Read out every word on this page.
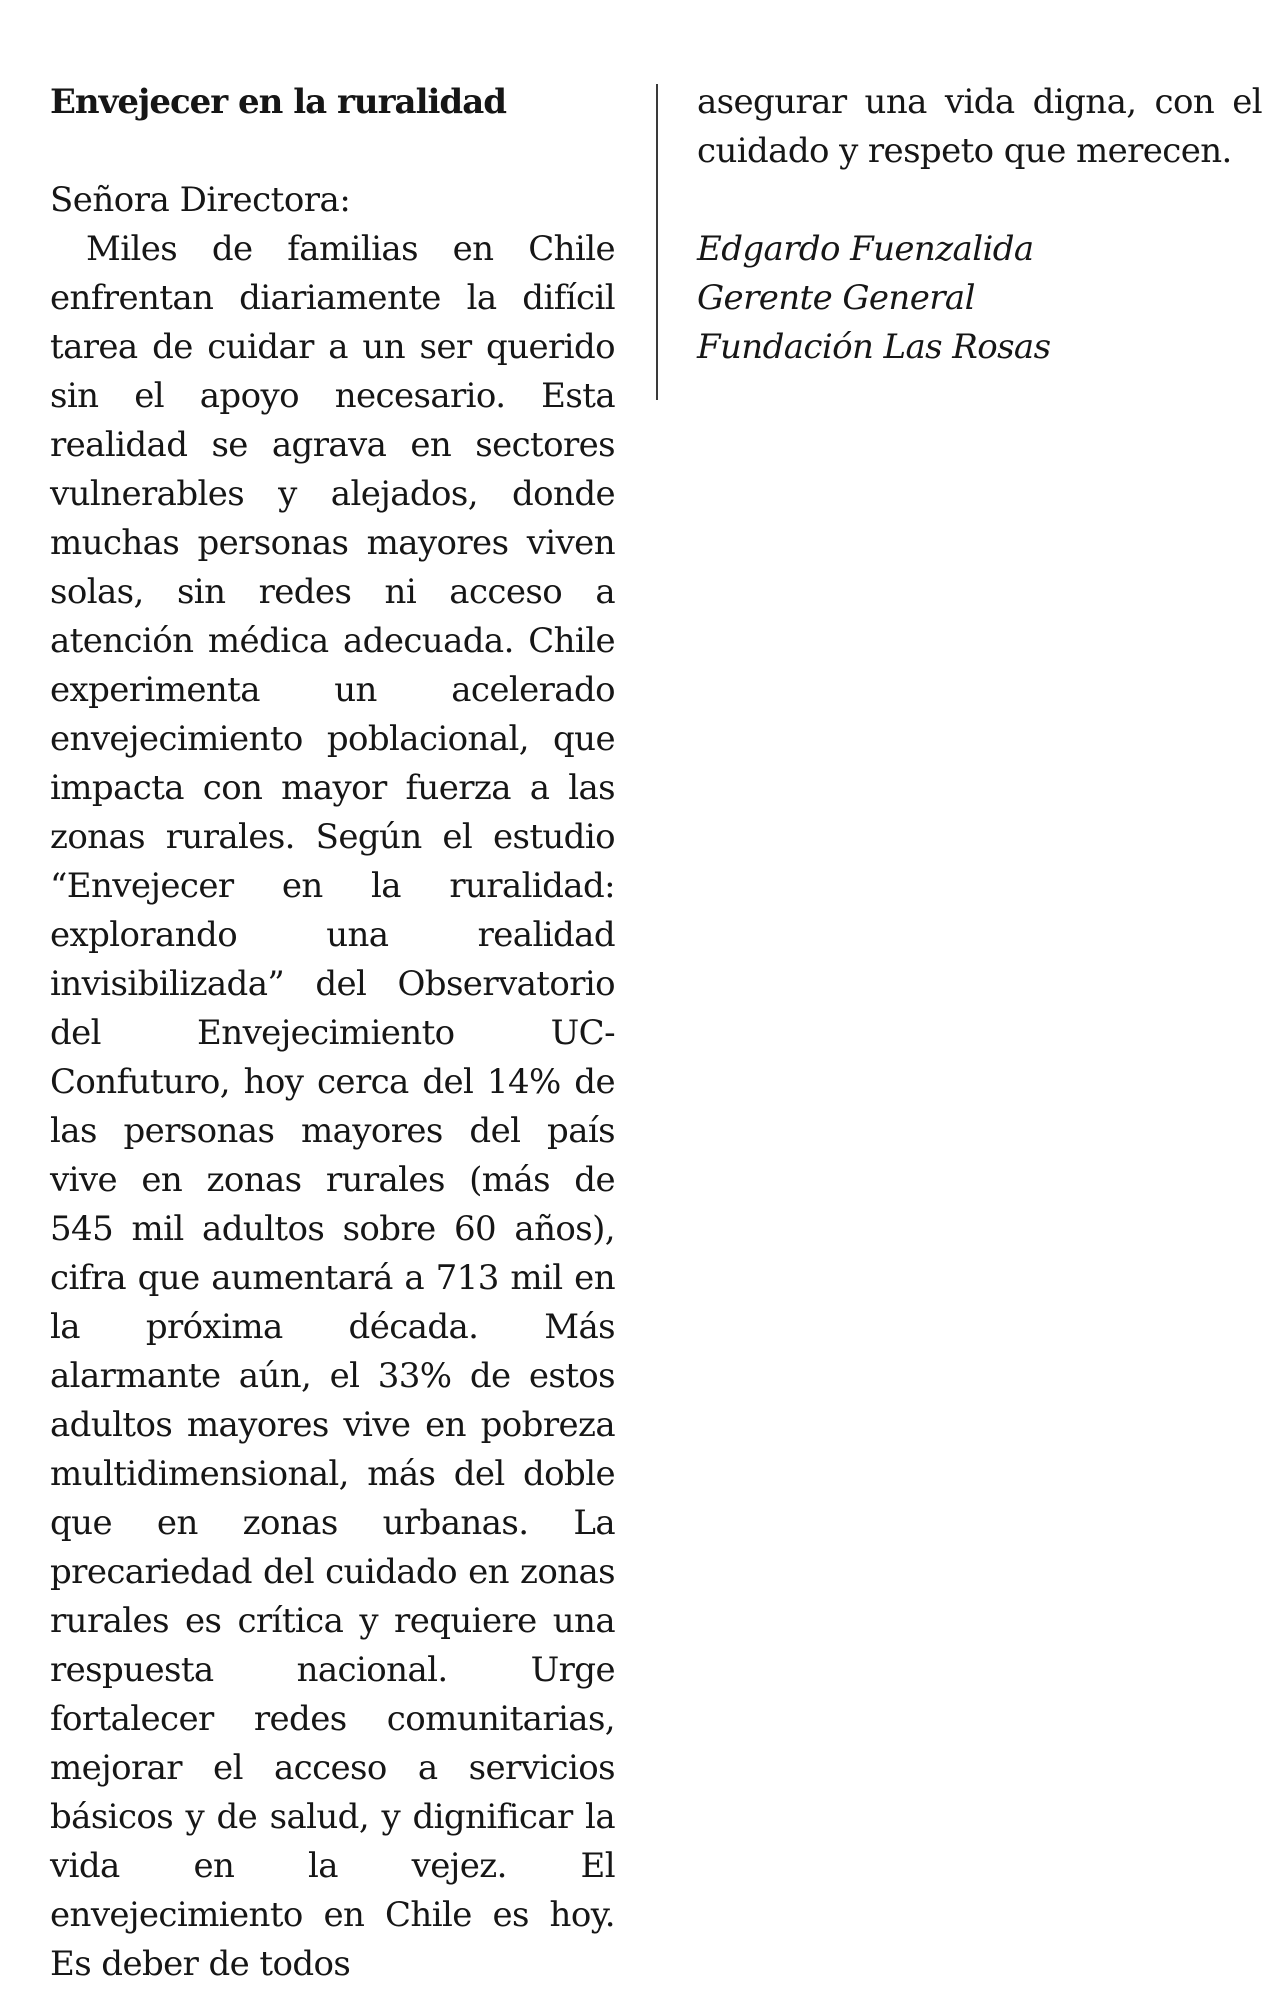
Envejecer en la ruralidad

Señora Directora:

Miles de familias en Chile enfrentan diariamente la difícil tarea de cuidar a un ser querido sin el apoyo necesario. Esta realidad se agrava en sectores vulnerables y alejados, donde muchas personas mayores viven solas, sin redes ni acceso a atención médica adecuada. Chile experimenta un acelerado envejecimiento poblacional, que impacta con mayor fuerza a las zonas rurales. Según el estudio “Envejecer en la ruralidad: explorando una realidad invisibilizada” del Observatorio del Envejecimiento UC-Confuturo, hoy cerca del 14% de las personas mayores del país vive en zonas rurales (más de 545 mil adultos sobre 60 años), cifra que aumentará a 713 mil en la próxima década. Más alarmante aún, el 33% de estos adultos mayores vive en pobreza multidimensional, más del doble que en zonas urbanas. La precariedad del cuidado en zonas rurales es crítica y requiere una respuesta nacional. Urge fortalecer redes comunitarias, mejorar el acceso a servicios básicos y de salud, y dignificar la vida en la vejez. El envejecimiento en Chile es hoy. Es deber de todos

asegurar una vida digna, con el cuidado y respeto que merecen.

Edgardo Fuenzalida

Gerente General

Fundación Las Rosas
